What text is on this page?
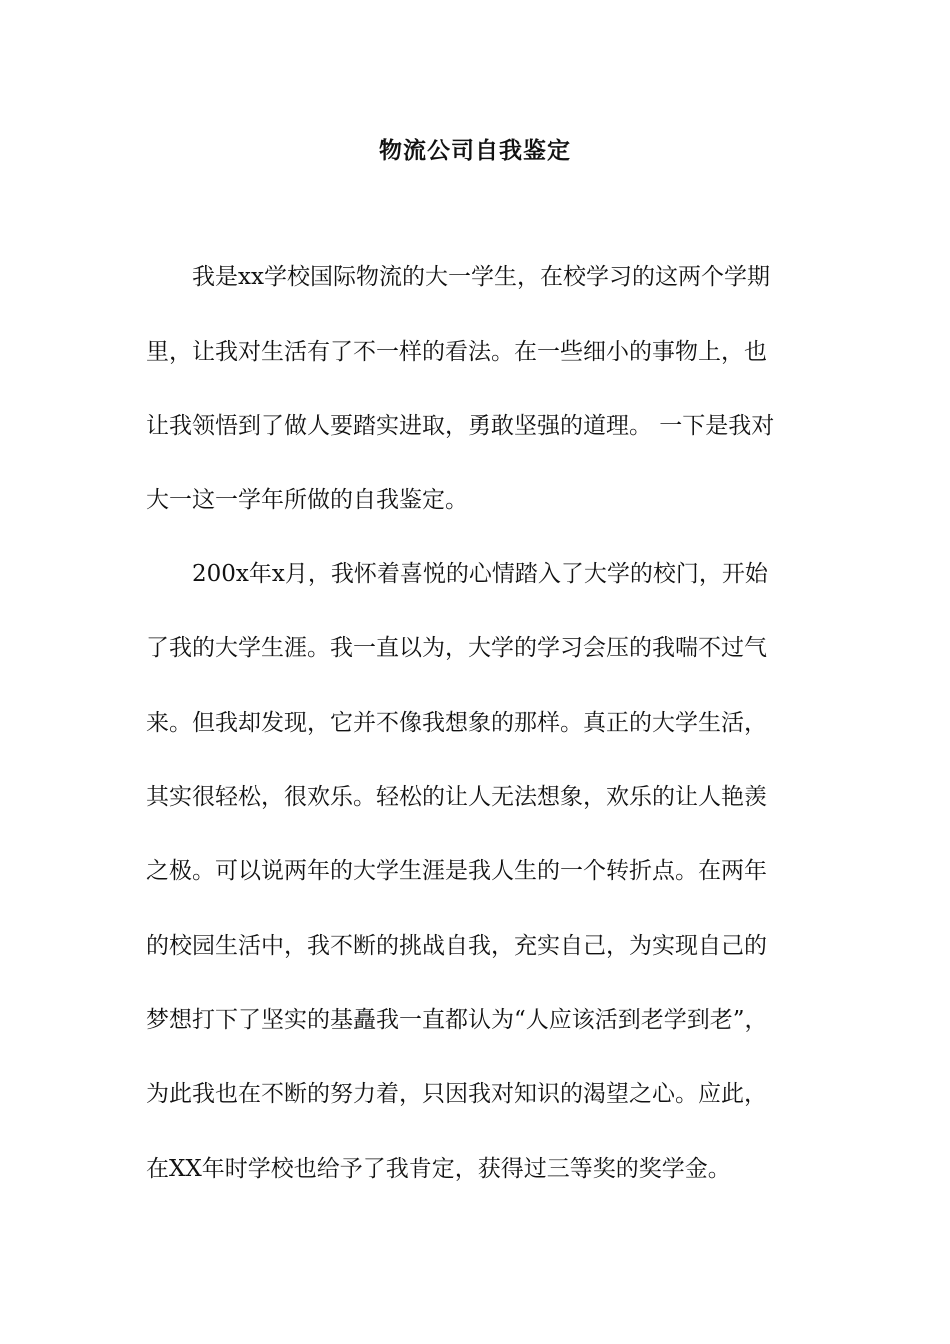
物流公司自我鉴定

我是xx学校国际物流的大一学生，在校学习的这两个学期

里，让我对生活有了不一样的看法。在一些细小的事物上，也

让我领悟到了做人要踏实进取，勇敢坚强的道理。 一下是我对

大一这一学年所做的自我鉴定。

200x年x月，我怀着喜悦的心情踏入了大学的校门，开始

了我的大学生涯。我一直以为，大学的学习会压的我喘不过气

来。但我却发现，它并不像我想象的那样。真正的大学生活，

其实很轻松，很欢乐。轻松的让人无法想象，欢乐的让人艳羡

之极。可以说两年的大学生涯是我人生的一个转折点。在两年

的校园生活中，我不断的挑战自我，充实自己，为实现自己的

梦想打下了坚实的基矗我一直都认为“人应该活到老学到老”，

为此我也在不断的努力着，只因我对知识的渴望之心。应此，

在XX年时学校也给予了我肯定，获得过三等奖的奖学金。
